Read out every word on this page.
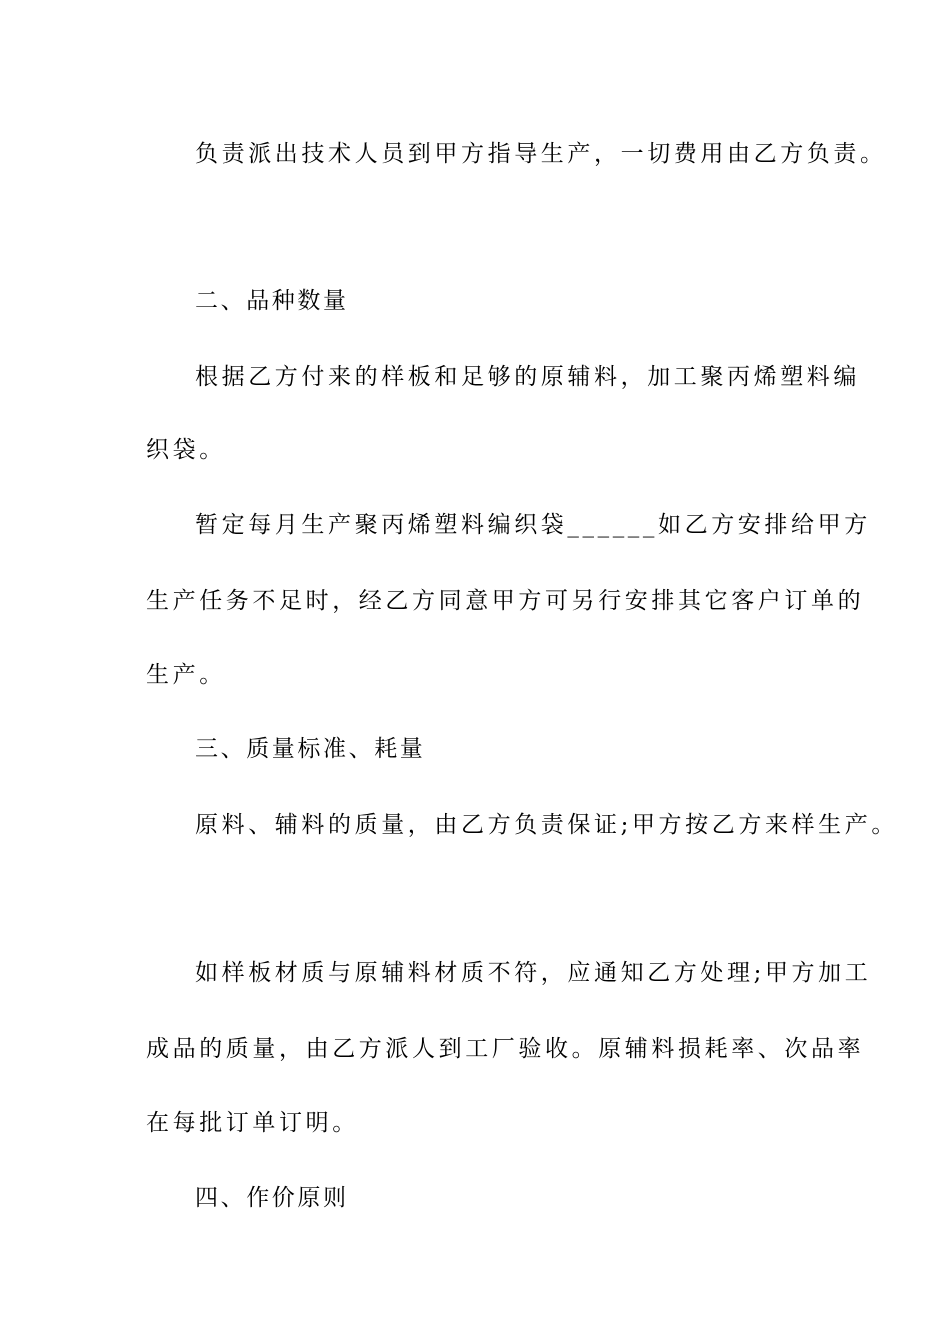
负责派出技术人员到甲方指导生产，一切费用由乙方负责。
二、品种数量
根据乙方付来的样板和足够的原辅料，加工聚丙烯塑料编
织袋。
暂定每月生产聚丙烯塑料编织袋______如乙方安排给甲方
生产任务不足时，经乙方同意甲方可另行安排其它客户订单的
生产。
三、质量标准、耗量
原料、辅料的质量，由乙方负责保证;甲方按乙方来样生产。
如样板材质与原辅料材质不符，应通知乙方处理;甲方加工
成品的质量，由乙方派人到工厂验收。原辅料损耗率、次品率
在每批订单订明。
四、作价原则
